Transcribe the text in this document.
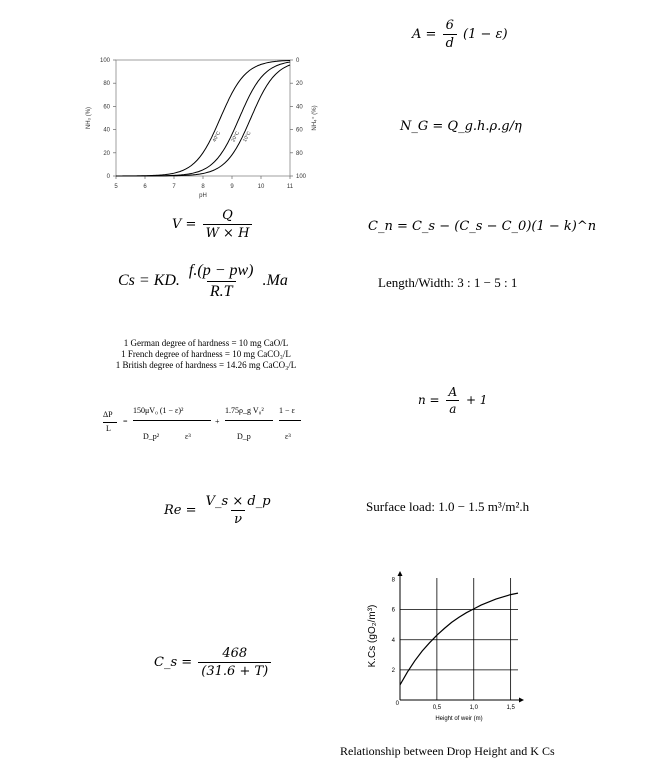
5	6	7	8	9	10	11
0
20
40
60
80
100
100
80
60
40
20
0
pH
NH₃ (%)	NH₄⁺ (%)
40°C 20°C 10°C
$A = \frac{6}{d} (1 - \varepsilon)$
N_G = Q_g.h.ρ.g/η
$V = \frac{Q}{W \times H}$	C_n = C_s − (C_s − C_0)(1 − k)^n
Cs = KD. $\frac{f.(p - pw)}{R.T} .Ma$	Length/Width: 3 : 1 − 5 : 1
1 German degree of hardness = 10 mg CaO/L
1 French degree of hardness = 10 mg CaCO₃/L
1 British degree of hardness = 14.26 mg CaCO₃/L
$n = \frac{A}{a} + 1$
ΔP
L
=
150μV₀ (1 − ε)²
D_p²	ε³
+
1.75ρ_g V₀²
D_p
1 − ε
ε³
$Re = \frac{V\_s \times d\_p}{\nu}$	Surface load: 1.0 − 1.5 m³/m².h
C_s = $\frac{468}{(31.6 + T)}$	2
4
6
8
0,5	1,0	1,5
0
Height of weir (m)
K.Cs (gO₂/m³)
Relationship between Drop Height and K Cs
